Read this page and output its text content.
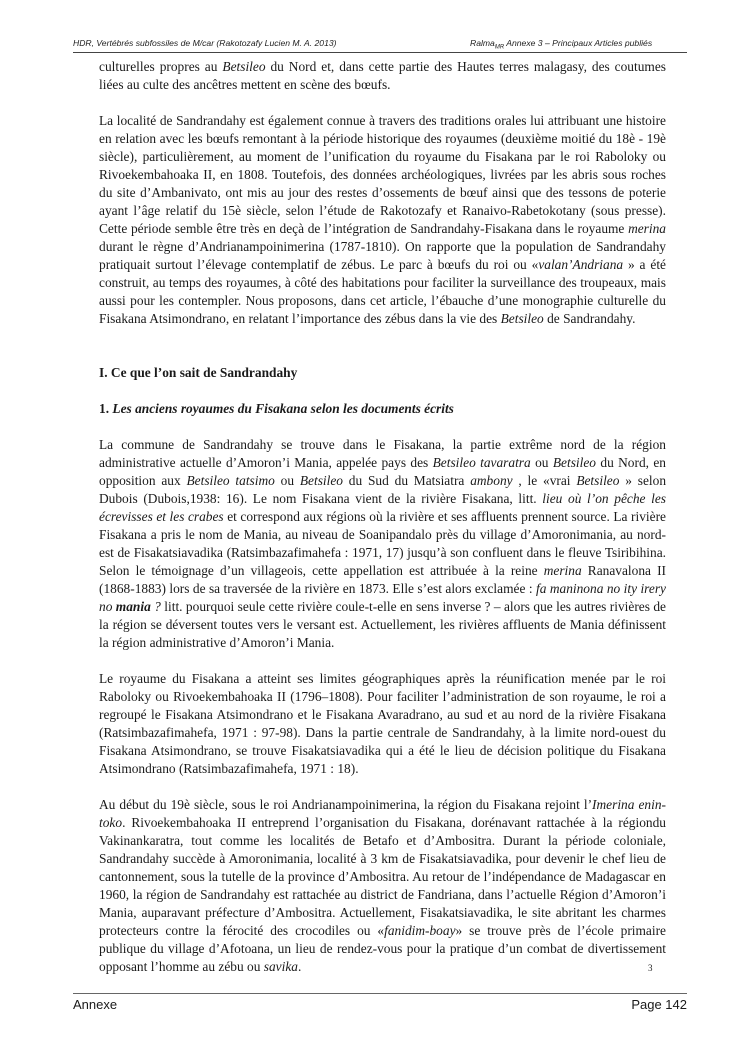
HDR, Vertébrés subfossiles de M/car (Rakotozafy Lucien M. A. 2013)	Ralma$_{MR}$ Annexe 3 – Principaux Articles publiés

culturelles propres au Betsileo du Nord et, dans cette partie des Hautes terres malagasy, des coutumes liées au culte des ancêtres mettent en scène des bœufs.

La localité de Sandrandahy est également connue à travers des traditions orales lui attribuant une histoire en relation avec les bœufs remontant à la période historique des royaumes (deuxième moitié du 18è - 19è siècle), particulièrement, au moment de l’unification du royaume du Fisakana par le roi Raboloky ou Rivoekembahoaka II, en 1808. Toutefois, des données archéologiques, livrées par les abris sous roches du site d’Ambanivato, ont mis au jour des restes d’ossements de bœuf ainsi que des tessons de poterie ayant l’âge relatif du 15è siècle, selon l’étude de Rakotozafy et Ranaivo-Rabetokotany (sous presse). Cette période semble être très en deçà de l’intégration de Sandrandahy-Fisakana dans le royaume merina durant le règne d’Andrianampoinimerina (1787-1810). On rapporte que la population de Sandrandahy pratiquait surtout l’élevage contemplatif de zébus. Le parc à bœufs du roi ou «valan’Andriana » a été construit, au temps des royaumes, à côté des habitations pour faciliter la surveillance des troupeaux, mais aussi pour les contempler. Nous proposons, dans cet article, l’ébauche d’une monographie culturelle du Fisakana Atsimondrano, en relatant l’importance des zébus dans la vie des Betsileo de Sandrandahy.

I. Ce que l’on sait de Sandrandahy

1. Les anciens royaumes du Fisakana selon les documents écrits

La commune de Sandrandahy se trouve dans le Fisakana, la partie extrême nord de la région administrative actuelle d’Amoron’i Mania, appelée pays des Betsileo tavaratra ou Betsileo du Nord, en opposition aux Betsileo tatsimo ou Betsileo du Sud du Matsiatra ambony , le «vrai Betsileo » selon Dubois (Dubois,1938: 16). Le nom Fisakana vient de la rivière Fisakana, litt. lieu où l’on pêche les écrevisses et les crabes et correspond aux régions où la rivière et ses affluents prennent source. La rivière Fisakana a pris le nom de Mania, au niveau de Soanipandalo près du village d’Amoronimania, au nord-est de Fisakatsiavadika (Ratsimbazafimahefa : 1971, 17) jusqu’à son confluent dans le fleuve Tsiribihina. Selon le témoignage d’un villageois, cette appellation est attribuée à la reine merina Ranavalona II (1868-1883) lors de sa traversée de la rivière en 1873. Elle s’est alors exclamée : fa maninona no ity irery no mania ? litt. pourquoi seule cette rivière coule-t-elle en sens inverse ? – alors que les autres rivières de la région se déversent toutes vers le versant est. Actuellement, les rivières affluents de Mania définissent la région administrative d’Amoron’i Mania.

Le royaume du Fisakana a atteint ses limites géographiques après la réunification menée par le roi Raboloky ou Rivoekembahoaka II (1796–1808). Pour faciliter l’administration de son royaume, le roi a regroupé le Fisakana Atsimondrano et le Fisakana Avaradrano, au sud et au nord de la rivière Fisakana (Ratsimbazafimahefa, 1971 : 97-98). Dans la partie centrale de Sandrandahy, à la limite nord-ouest du Fisakana Atsimondrano, se trouve Fisakatsiavadika qui a été le lieu de décision politique du Fisakana Atsimondrano (Ratsimbazafimahefa, 1971 : 18).

Au début du 19è siècle, sous le roi Andrianampoinimerina, la région du Fisakana rejoint l’Imerina enin-toko. Rivoekembahoaka II entreprend l’organisation du Fisakana, dorénavant rattachée à la régiondu Vakinankaratra, tout comme les localités de Betafo et d’Ambositra. Durant la période coloniale, Sandrandahy succède à Amoronimania, localité à 3 km de Fisakatsiavadika, pour devenir le chef lieu de cantonnement, sous la tutelle de la province d’Ambositra. Au retour de l’indépendance de Madagascar en 1960, la région de Sandrandahy est rattachée au district de Fandriana, dans l’actuelle Région d’Amoron’i Mania, auparavant préfecture d’Ambositra. Actuellement, Fisakatsiavadika, le site abritant les charmes protecteurs contre la férocité des crocodiles ou «fanidim-boay» se trouve près de l’école primaire publique du village d’Afotoana, un lieu de rendez-vous pour la pratique d’un combat de divertissement opposant l’homme au zébu ou savika.	3
Annexe	Page 142
